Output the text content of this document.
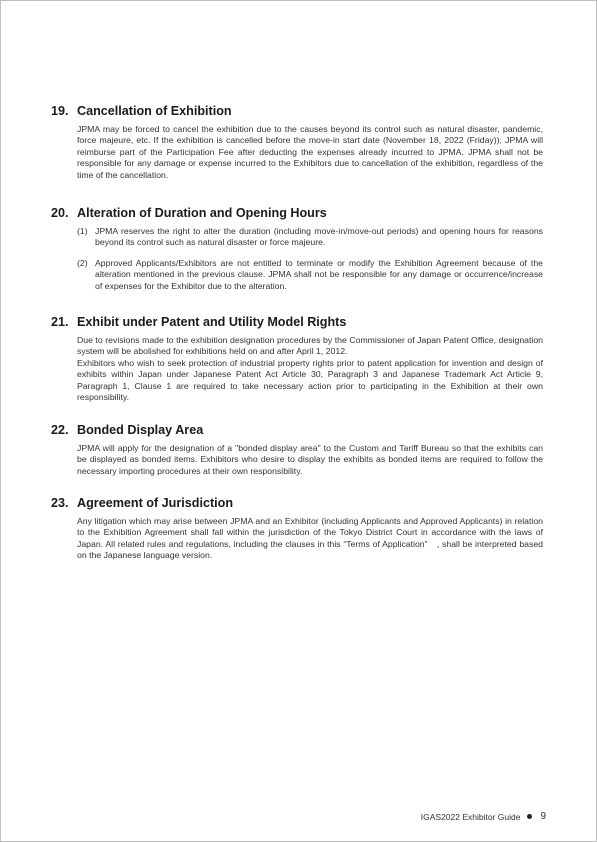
19. Cancellation of Exhibition

JPMA may be forced to cancel the exhibition due to the causes beyond its control such as natural disaster, pandemic, force majeure, etc. If the exhibition is cancelled before the move-in start date (November 18, 2022 (Friday)), JPMA will reimburse part of the Participation Fee after deducting the expenses already incurred to JPMA. JPMA shall not be responsible for any damage or expense incurred to the Exhibitors due to cancellation of the exhibition, regardless of the time of the cancellation.

20. Alteration of Duration and Opening Hours
(1) JPMA reserves the right to alter the duration (including move-in/move-out periods) and opening hours for reasons beyond its control such as natural disaster or force majeure.

(2) Approved Applicants/Exhibitors are not entitled to terminate or modify the Exhibition Agreement because of the alteration mentioned in the previous clause. JPMA shall not be responsible for any damage or occurrence/increase of expenses for the Exhibitor due to the alteration.

21. Exhibit under Patent and Utility Model Rights

Due to revisions made to the exhibition designation procedures by the Commissioner of Japan Patent Office, designation system will be abolished for exhibitions held on and after April 1, 2012.

Exhibitors who wish to seek protection of industrial property rights prior to patent application for invention and design of exhibits within Japan under Japanese Patent Act Article 30, Paragraph 3 and Japanese Trademark Act Article 9, Paragraph 1, Clause 1 are required to take necessary action prior to participating in the Exhibition at their own responsibility.

22. Bonded Display Area

JPMA will apply for the designation of a "bonded display area" to the Custom and Tariff Bureau so that the exhibits can be displayed as bonded items. Exhibitors who desire to display the exhibits as bonded items are required to follow the necessary importing procedures at their own responsibility.

23. Agreement of Jurisdiction

Any litigation which may arise between JPMA and an Exhibitor (including Applicants and Approved Applicants) in relation to the Exhibition Agreement shall fall within the jurisdiction of the Tokyo District Court in accordance with the laws of Japan. All related rules and regulations, including the clauses in this “Terms of Application”　, shall be interpreted based on the Japanese language version.

IGAS2022 Exhibitor Guide 9
